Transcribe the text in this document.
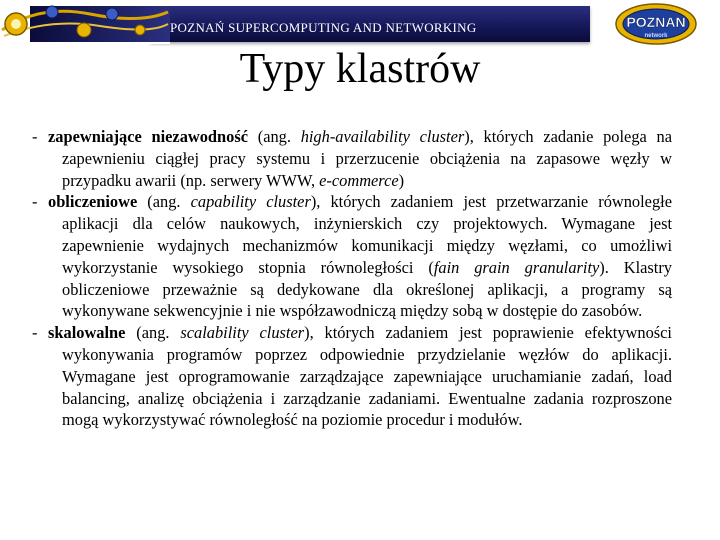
POZNAŃ SUPERCOMPUTING AND NETWORKING	POZNAN
network
Typy klastrów

- zapewniające niezawodność (ang. high-availability cluster), których zadanie polega na zapewnieniu ciągłej pracy systemu i przerzucenie obciążenia na zapasowe węzły w przypadku awarii (np. serwery WWW, e-commerce)

- obliczeniowe (ang. capability cluster), których zadaniem jest przetwarzanie równoległe aplikacji dla celów naukowych, inżynierskich czy projektowych. Wymagane jest zapewnienie wydajnych mechanizmów komunikacji między węzłami, co umożliwi wykorzystanie wysokiego stopnia równoległości (fain grain granularity). Klastry obliczeniowe przeważnie są dedykowane dla określonej aplikacji, a programy są wykonywane sekwencyjnie i nie współzawodniczą między sobą w dostępie do zasobów.

- skalowalne (ang. scalability cluster), których zadaniem jest poprawienie efektywności wykonywania programów poprzez odpowiednie przydzielanie węzłów do aplikacji. Wymagane jest oprogramowanie zarządzające zapewniające uruchamianie zadań, load balancing, analizę obciążenia i zarządzanie zadaniami. Ewentualne zadania rozproszone mogą wykorzystywać równoległość na poziomie procedur i modułów.
